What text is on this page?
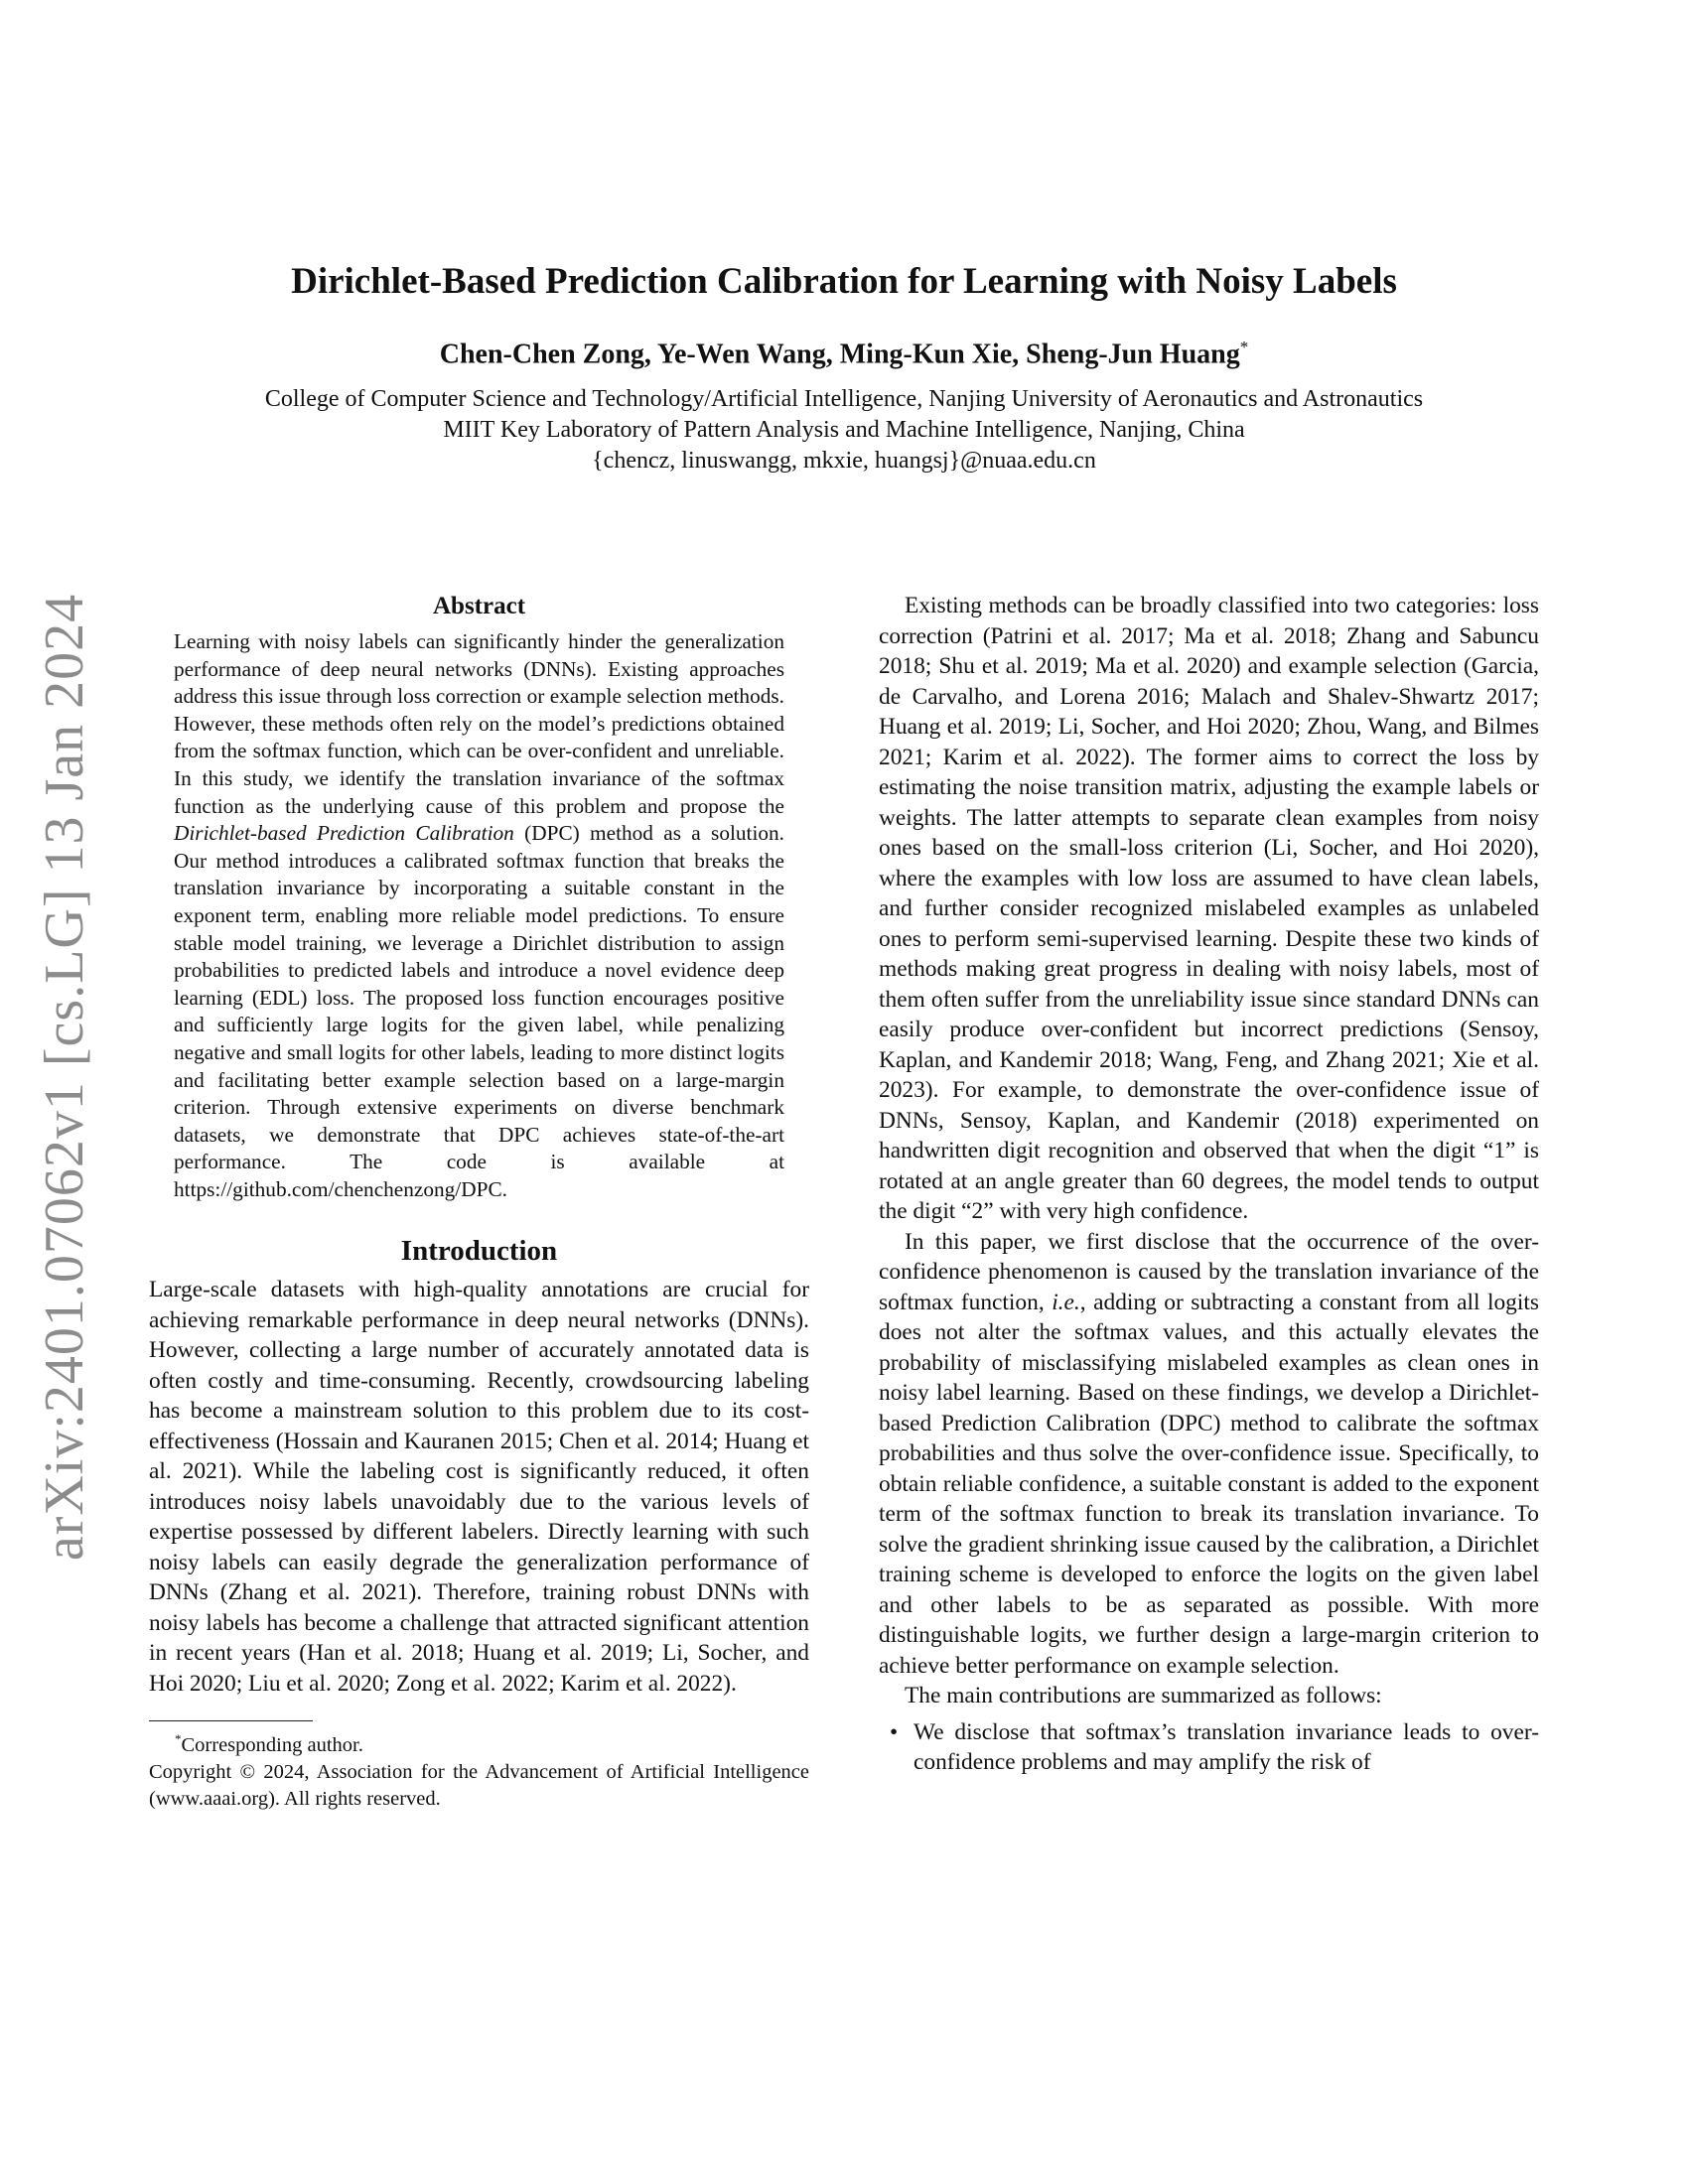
arXiv:2401.07062v1 [cs.LG] 13 Jan 2024
Dirichlet-Based Prediction Calibration for Learning with Noisy Labels
Chen-Chen Zong, Ye-Wen Wang, Ming-Kun Xie, Sheng-Jun Huang*
College of Computer Science and Technology/Artificial Intelligence, Nanjing University of Aeronautics and Astronautics
MIIT Key Laboratory of Pattern Analysis and Machine Intelligence, Nanjing, China
{chencz, linuswangg, mkxie, huangsj}@nuaa.edu.cn
Abstract

Learning with noisy labels can significantly hinder the generalization performance of deep neural networks (DNNs). Existing approaches address this issue through loss correction or example selection methods. However, these methods often rely on the model’s predictions obtained from the softmax function, which can be over-confident and unreliable. In this study, we identify the translation invariance of the softmax function as the underlying cause of this problem and propose the Dirichlet-based Prediction Calibration (DPC) method as a solution. Our method introduces a calibrated softmax function that breaks the translation invariance by incorporating a suitable constant in the exponent term, enabling more reliable model predictions. To ensure stable model training, we leverage a Dirichlet distribution to assign probabilities to predicted labels and introduce a novel evidence deep learning (EDL) loss. The proposed loss function encourages positive and sufficiently large logits for the given label, while penalizing negative and small logits for other labels, leading to more distinct logits and facilitating better example selection based on a large-margin criterion. Through extensive experiments on diverse benchmark datasets, we demonstrate that DPC achieves state-of-the-art performance. The code is available at https://github.com/chenchenzong/DPC.

Introduction

Large-scale datasets with high-quality annotations are crucial for achieving remarkable performance in deep neural networks (DNNs). However, collecting a large number of accurately annotated data is often costly and time-consuming. Recently, crowdsourcing labeling has become a mainstream solution to this problem due to its cost-effectiveness (Hossain and Kauranen 2015; Chen et al. 2014; Huang et al. 2021). While the labeling cost is significantly reduced, it often introduces noisy labels unavoidably due to the various levels of expertise possessed by different labelers. Directly learning with such noisy labels can easily degrade the generalization performance of DNNs (Zhang et al. 2021). Therefore, training robust DNNs with noisy labels has become a challenge that attracted significant attention in recent years (Han et al. 2018; Huang et al. 2019; Li, Socher, and Hoi 2020; Liu et al. 2020; Zong et al. 2022; Karim et al. 2022).

*Corresponding author.
Copyright © 2024, Association for the Advancement of Artificial Intelligence (www.aaai.org). All rights reserved.

Existing methods can be broadly classified into two categories: loss correction (Patrini et al. 2017; Ma et al. 2018; Zhang and Sabuncu 2018; Shu et al. 2019; Ma et al. 2020) and example selection (Garcia, de Carvalho, and Lorena 2016; Malach and Shalev-Shwartz 2017; Huang et al. 2019; Li, Socher, and Hoi 2020; Zhou, Wang, and Bilmes 2021; Karim et al. 2022). The former aims to correct the loss by estimating the noise transition matrix, adjusting the example labels or weights. The latter attempts to separate clean examples from noisy ones based on the small-loss criterion (Li, Socher, and Hoi 2020), where the examples with low loss are assumed to have clean labels, and further consider recognized mislabeled examples as unlabeled ones to perform semi-supervised learning. Despite these two kinds of methods making great progress in dealing with noisy labels, most of them often suffer from the unreliability issue since standard DNNs can easily produce over-confident but incorrect predictions (Sensoy, Kaplan, and Kandemir 2018; Wang, Feng, and Zhang 2021; Xie et al. 2023). For example, to demonstrate the over-confidence issue of DNNs, Sensoy, Kaplan, and Kandemir (2018) experimented on handwritten digit recognition and observed that when the digit “1” is rotated at an angle greater than 60 degrees, the model tends to output the digit “2” with very high confidence.

In this paper, we first disclose that the occurrence of the over-confidence phenomenon is caused by the translation invariance of the softmax function, i.e., adding or subtracting a constant from all logits does not alter the softmax values, and this actually elevates the probability of misclassifying mislabeled examples as clean ones in noisy label learning. Based on these findings, we develop a Dirichlet-based Prediction Calibration (DPC) method to calibrate the softmax probabilities and thus solve the over-confidence issue. Specifically, to obtain reliable confidence, a suitable constant is added to the exponent term of the softmax function to break its translation invariance. To solve the gradient shrinking issue caused by the calibration, a Dirichlet training scheme is developed to enforce the logits on the given label and other labels to be as separated as possible. With more distinguishable logits, we further design a large-margin criterion to achieve better performance on example selection.

The main contributions are summarized as follows:

• We disclose that softmax’s translation invariance leads to over-confidence problems and may amplify the risk of
